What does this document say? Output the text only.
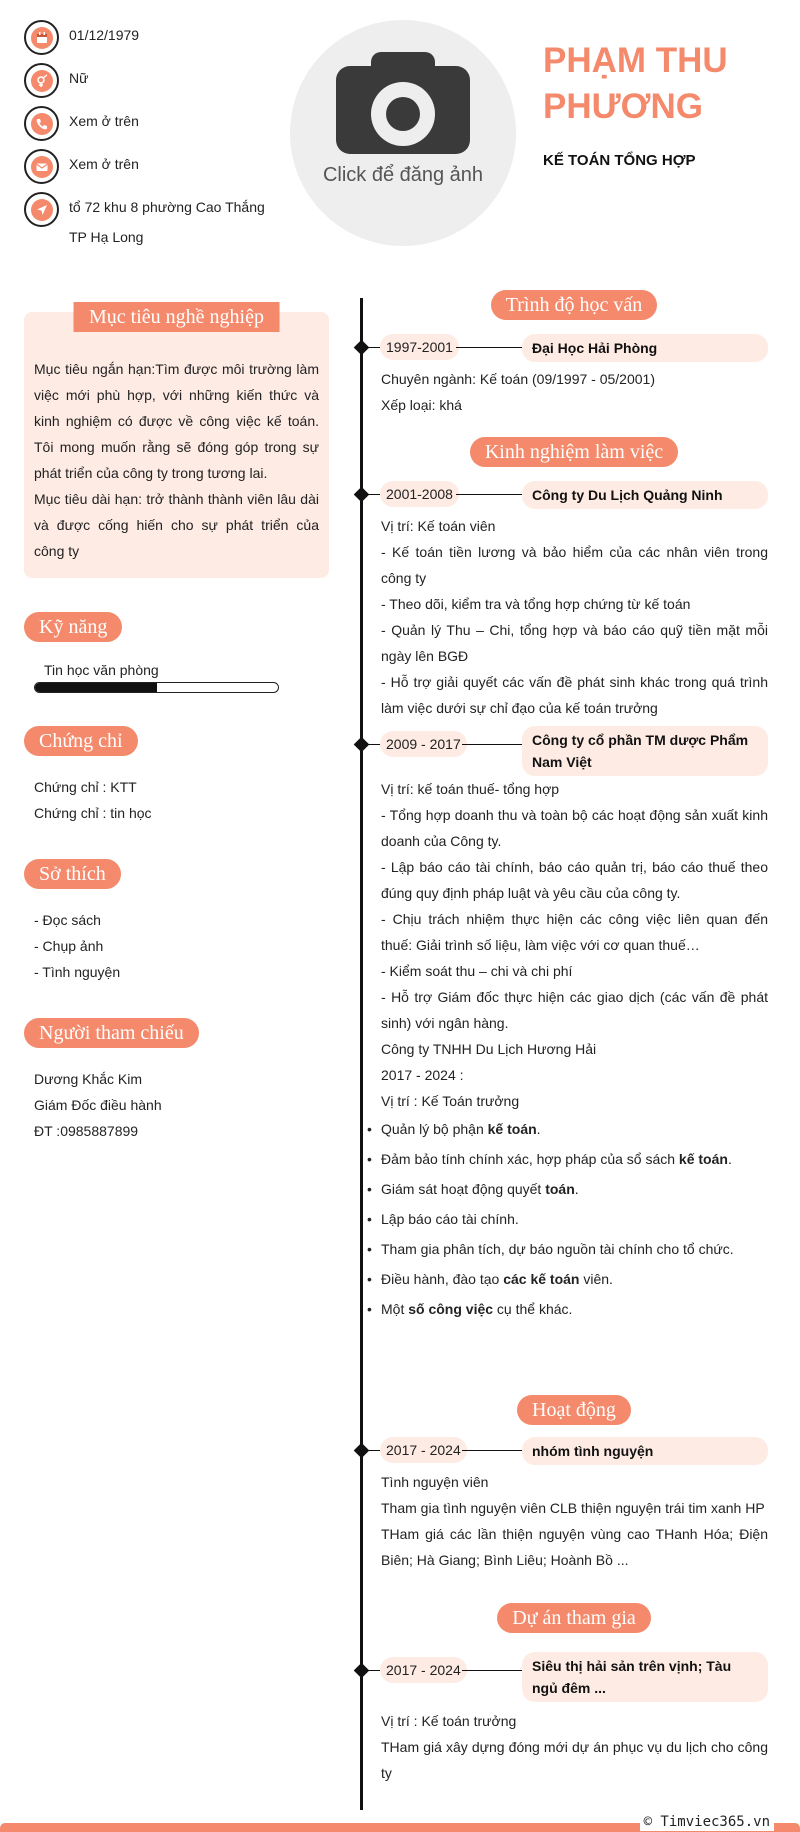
01/12/1979
Nữ
Xem ở trên
Xem ở trên
tổ 72 khu 8 phường Cao Thắng TP Hạ Long
Click để đăng ảnh
PHẠM THU PHƯƠNG
KẾ TOÁN TỔNG HỢP
Mục tiêu nghề nghiệp

Mục tiêu ngắn hạn:Tìm được môi trường làm việc mới phù hợp, với những kiến thức và kinh nghiệm có được về công việc kế toán. Tôi mong muốn rằng sẽ đóng góp trong sự phát triển của công ty trong tương lai.

Mục tiêu dài hạn: trở thành thành viên lâu dài và được cống hiến cho sự phát triển của công ty

Kỹ năng
Tin học văn phòng
Chứng chỉ
Chứng chỉ : KTT
Chứng chỉ : tin học
Sở thích
- Đọc sách
- Chụp ảnh
- Tình nguyện
Người tham chiếu
Dương Khắc Kim
Giám Đốc điều hành
ĐT :0985887899
Trình độ học vấn
1997-2001	Đại Học Hải Phòng

Chuyên ngành: Kế toán (09/1997 - 05/2001)

Xếp loại: khá

Kinh nghiệm làm việc
2001-2008	Công ty Du Lịch Quảng Ninh

Vị trí: Kế toán viên

- Kế toán tiền lương và bảo hiểm của các nhân viên trong công ty

- Theo dõi, kiểm tra và tổng hợp chứng từ kế toán

- Quản lý Thu – Chi, tổng hợp và báo cáo quỹ tiền mặt mỗi ngày lên BGĐ

- Hỗ trợ giải quyết các vấn đề phát sinh khác trong quá trình làm việc dưới sự chỉ đạo của kế toán trưởng

2009 - 2017	Công ty cổ phần TM dược Phẩm Nam Việt

Vị trí: kế toán thuế- tổng hợp

- Tổng hợp doanh thu và toàn bộ các hoạt động sản xuất kinh doanh của Công ty.

- Lập báo cáo tài chính, báo cáo quản trị, báo cáo thuế theo đúng quy định pháp luật và yêu cầu của công ty.

- Chịu trách nhiệm thực hiện các công việc liên quan đến thuế: Giải trình số liệu, làm việc với cơ quan thuế…

- Kiểm soát thu – chi và chi phí

- Hỗ trợ Giám đốc thực hiện các giao dịch (các vấn đề phát sinh) với ngân hàng.

Công ty TNHH Du Lịch Hương Hải

2017 - 2024 :

Vị trí : Kế Toán trưởng

• Quản lý bộ phận kế toán.
• Đảm bảo tính chính xác, hợp pháp của sổ sách kế toán.
• Giám sát hoạt động quyết toán.
• Lập báo cáo tài chính.
• Tham gia phân tích, dự báo nguồn tài chính cho tổ chức.
• Điều hành, đào tạo các kế toán viên.
• Một số công việc cụ thể khác.
Hoạt động
2017 - 2024	nhóm tình nguyện

Tình nguyện viên

Tham gia tình nguyện viên CLB thiện nguyện trái tim xanh HP

THam giá các lần thiện nguyện vùng cao THanh Hóa; Điện Biên; Hà Giang; Bình Liêu; Hoành Bồ ...

Dự án tham gia
2017 - 2024	Siêu thị hải sản trên vịnh; Tàu ngủ đêm ...

Vị trí : Kế toán trưởng

THam giá xây dựng đóng mới dự án phục vụ du lịch cho công ty

© Timviec365.vn
